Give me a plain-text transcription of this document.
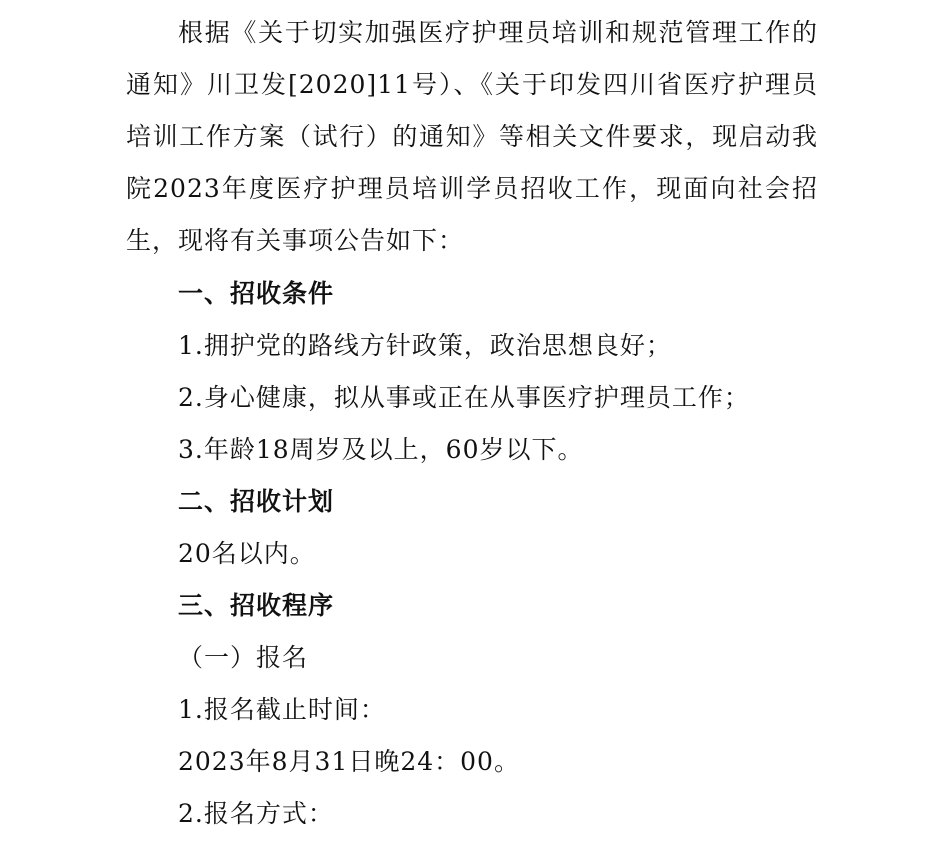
根据《关于切实加强医疗护理员培训和规范管理工作的通知》川卫发[2020]11号）、《关于印发四川省医疗护理员培训工作方案（试行）的通知》等相关文件要求，现启动我院2023年度医疗护理员培训学员招收工作，现面向社会招生，现将有关事项公告如下：

一、招收条件
1.拥护党的路线方针政策，政治思想良好；
2.身心健康，拟从事或正在从事医疗护理员工作；
3.年龄18周岁及以上，60岁以下。
二、招收计划
20名以内。
三、招收程序
（一）报名
1.报名截止时间：
2023年8月31日晚24：00。
2.报名方式：
